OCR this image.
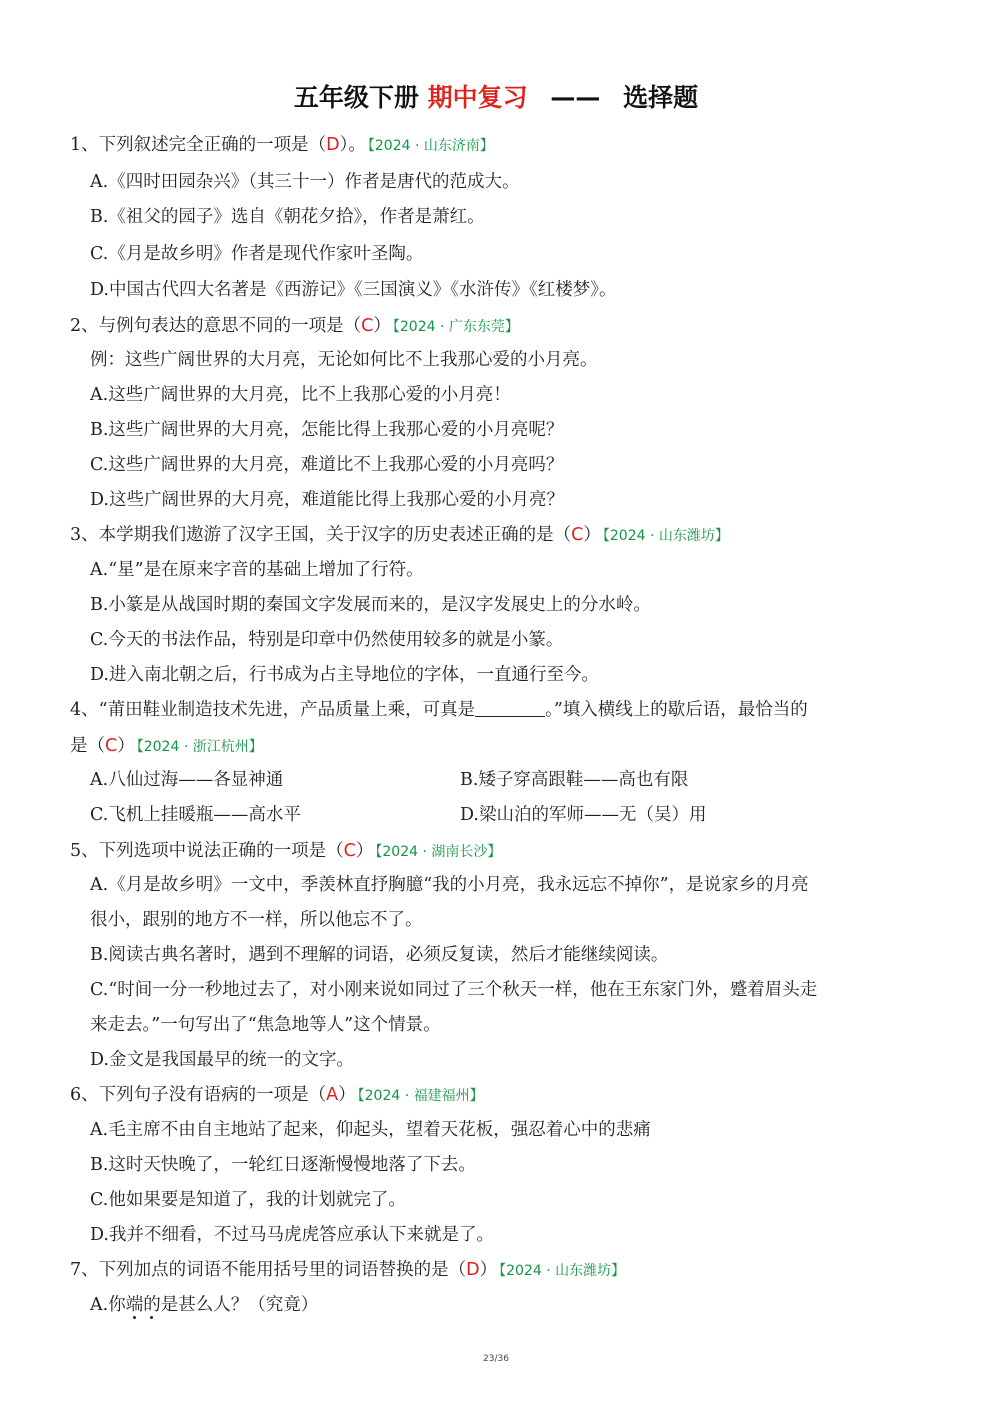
五年级下册 期中复习 —— 选择题
1、下列叙述完全正确的一项是（D）。 【2024 · 山东济南】
A.《四时田园杂兴》（其三十一）作者是唐代的范成大。
B.《祖父的园子》选自《朝花夕拾》，作者是萧红。
C.《月是故乡明》作者是现代作家叶圣陶。
D.中国古代四大名著是《西游记》《三国演义》《水浒传》《红楼梦》。
2、与例句表达的意思不同的一项是（C） 【2024 · 广东东莞】
例：这些广阔世界的大月亮，无论如何比不上我那心爱的小月亮。
A.这些广阔世界的大月亮，比不上我那心爱的小月亮！
B.这些广阔世界的大月亮，怎能比得上我那心爱的小月亮呢？
C.这些广阔世界的大月亮，难道比不上我那心爱的小月亮吗？
D.这些广阔世界的大月亮，难道能比得上我那心爱的小月亮？
3、本学期我们遨游了汉字王国，关于汉字的历史表述正确的是（C） 【2024 · 山东潍坊】
A.“星”是在原来字音的基础上增加了行符。
B.小篆是从战国时期的秦国文字发展而来的，是汉字发展史上的分水岭。
C.今天的书法作品，特别是印章中仍然使用较多的就是小篆。
D.进入南北朝之后，行书成为占主导地位的字体，一直通行至今。
4、“莆田鞋业制造技术先进，产品质量上乘，可真是	。”填入横线上的歇后语，最恰当的
是（C） 【2024 · 浙江杭州】
A.八仙过海——各显神通	B.矮子穿高跟鞋——高也有限
C.飞机上挂暖瓶——高水平	D.梁山泊的军师——无（吴）用
5、下列选项中说法正确的一项是（C） 【2024 · 湖南长沙】
A.《月是故乡明》一文中，季羡林直抒胸臆“我的小月亮，我永远忘不掉你”，是说家乡的月亮
很小，跟别的地方不一样，所以他忘不了。
B.阅读古典名著时，遇到不理解的词语，必须反复读，然后才能继续阅读。
C.“时间一分一秒地过去了，对小刚来说如同过了三个秋天一样，他在王东家门外，蹙着眉头走
来走去。”一句写出了“焦急地等人”这个情景。
D.金文是我国最早的统一的文字。
6、下列句子没有语病的一项是（A） 【2024 · 福建福州】
A.毛主席不由自主地站了起来，仰起头，望着天花板，强忍着心中的悲痛
B.这时天快晚了，一轮红日逐渐慢慢地落了下去。
C.他如果要是知道了，我的计划就完了。
D.我并不细看，不过马马虎虎答应承认下来就是了。
7、下列加点的词语不能用括号里的词语替换的是（D） 【2024 · 山东潍坊】
A.你端的是甚么人？（究竟）
23/36
